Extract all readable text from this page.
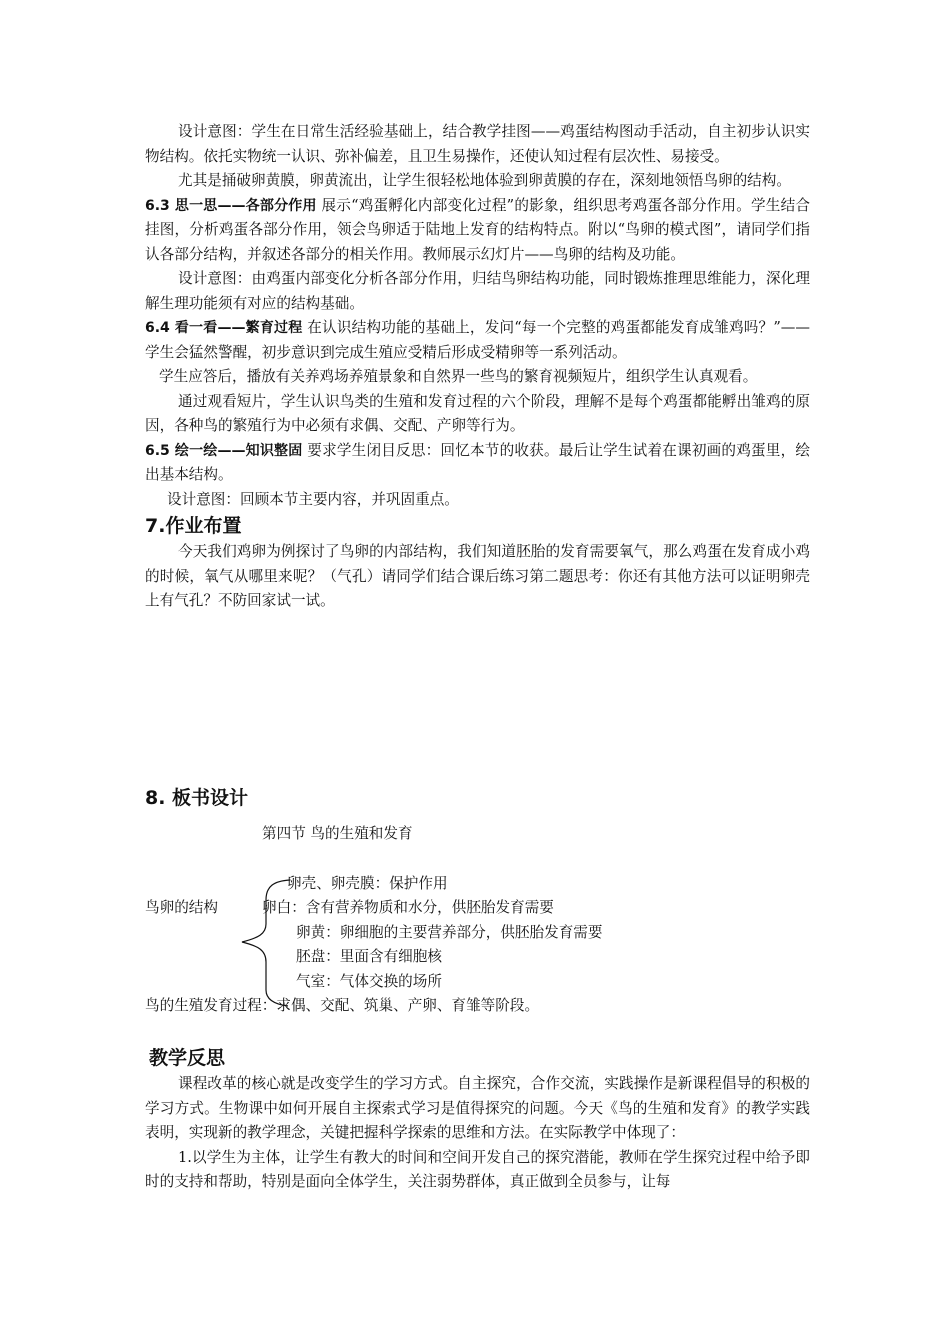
设计意图：学生在日常生活经验基础上，结合教学挂图——鸡蛋结构图动手活动，自主初步认识实物结构。依托实物统一认识、弥补偏差，且卫生易操作，还使认知过程有层次性、易接受。

尤其是捅破卵黄膜，卵黄流出，让学生很轻松地体验到卵黄膜的存在，深刻地领悟鸟卵的结构。

6.3 思一思——各部分作用 展示“鸡蛋孵化内部变化过程”的影象，组织思考鸡蛋各部分作用。学生结合挂图，分析鸡蛋各部分作用，领会鸟卵适于陆地上发育的结构特点。附以“鸟卵的模式图”，请同学们指认各部分结构，并叙述各部分的相关作用。教师展示幻灯片——鸟卵的结构及功能。

设计意图：由鸡蛋内部变化分析各部分作用，归结鸟卵结构功能，同时锻炼推理思维能力，深化理解生理功能须有对应的结构基础。

6.4 看一看——繁育过程 在认识结构功能的基础上，发问“每一个完整的鸡蛋都能发育成雏鸡吗？”——学生会猛然警醒，初步意识到完成生殖应受精后形成受精卵等一系列活动。

学生应答后，播放有关养鸡场养殖景象和自然界一些鸟的繁育视频短片，组织学生认真观看。

通过观看短片，学生认识鸟类的生殖和发育过程的六个阶段，理解不是每个鸡蛋都能孵出雏鸡的原因，各种鸟的繁殖行为中必须有求偶、交配、产卵等行为。

6.5 绘一绘——知识整固 要求学生闭目反思：回忆本节的收获。最后让学生试着在课初画的鸡蛋里，绘出基本结构。

设计意图：回顾本节主要内容，并巩固重点。

7.作业布置

今天我们鸡卵为例探讨了鸟卵的内部结构，我们知道胚胎的发育需要氧气，那么鸡蛋在发育成小鸡的时候，氧气从哪里来呢？（气孔）请同学们结合课后练习第二题思考：你还有其他方法可以证明卵壳上有气孔？不防回家试一试。

8. 板书设计

第四节 鸟的生殖和发育
卵壳、卵壳膜：保护作用
鸟卵的结构	卵白：含有营养物质和水分，供胚胎发育需要
卵黄：卵细胞的主要营养部分，供胚胎发育需要
胚盘：里面含有细胞核
气室：气体交换的场所
鸟的生殖发育过程：求偶、交配、筑巢、产卵、育雏等阶段。

教学反思

课程改革的核心就是改变学生的学习方式。自主探究，合作交流，实践操作是新课程倡导的积极的学习方式。生物课中如何开展自主探索式学习是值得探究的问题。今天《鸟的生殖和发育》的教学实践表明，实现新的教学理念，关键把握科学探索的思维和方法。在实际教学中体现了：

1.以学生为主体，让学生有教大的时间和空间开发自己的探究潜能，教师在学生探究过程中给予即时的支持和帮助，特别是面向全体学生，关注弱势群体，真正做到全员参与，让每
